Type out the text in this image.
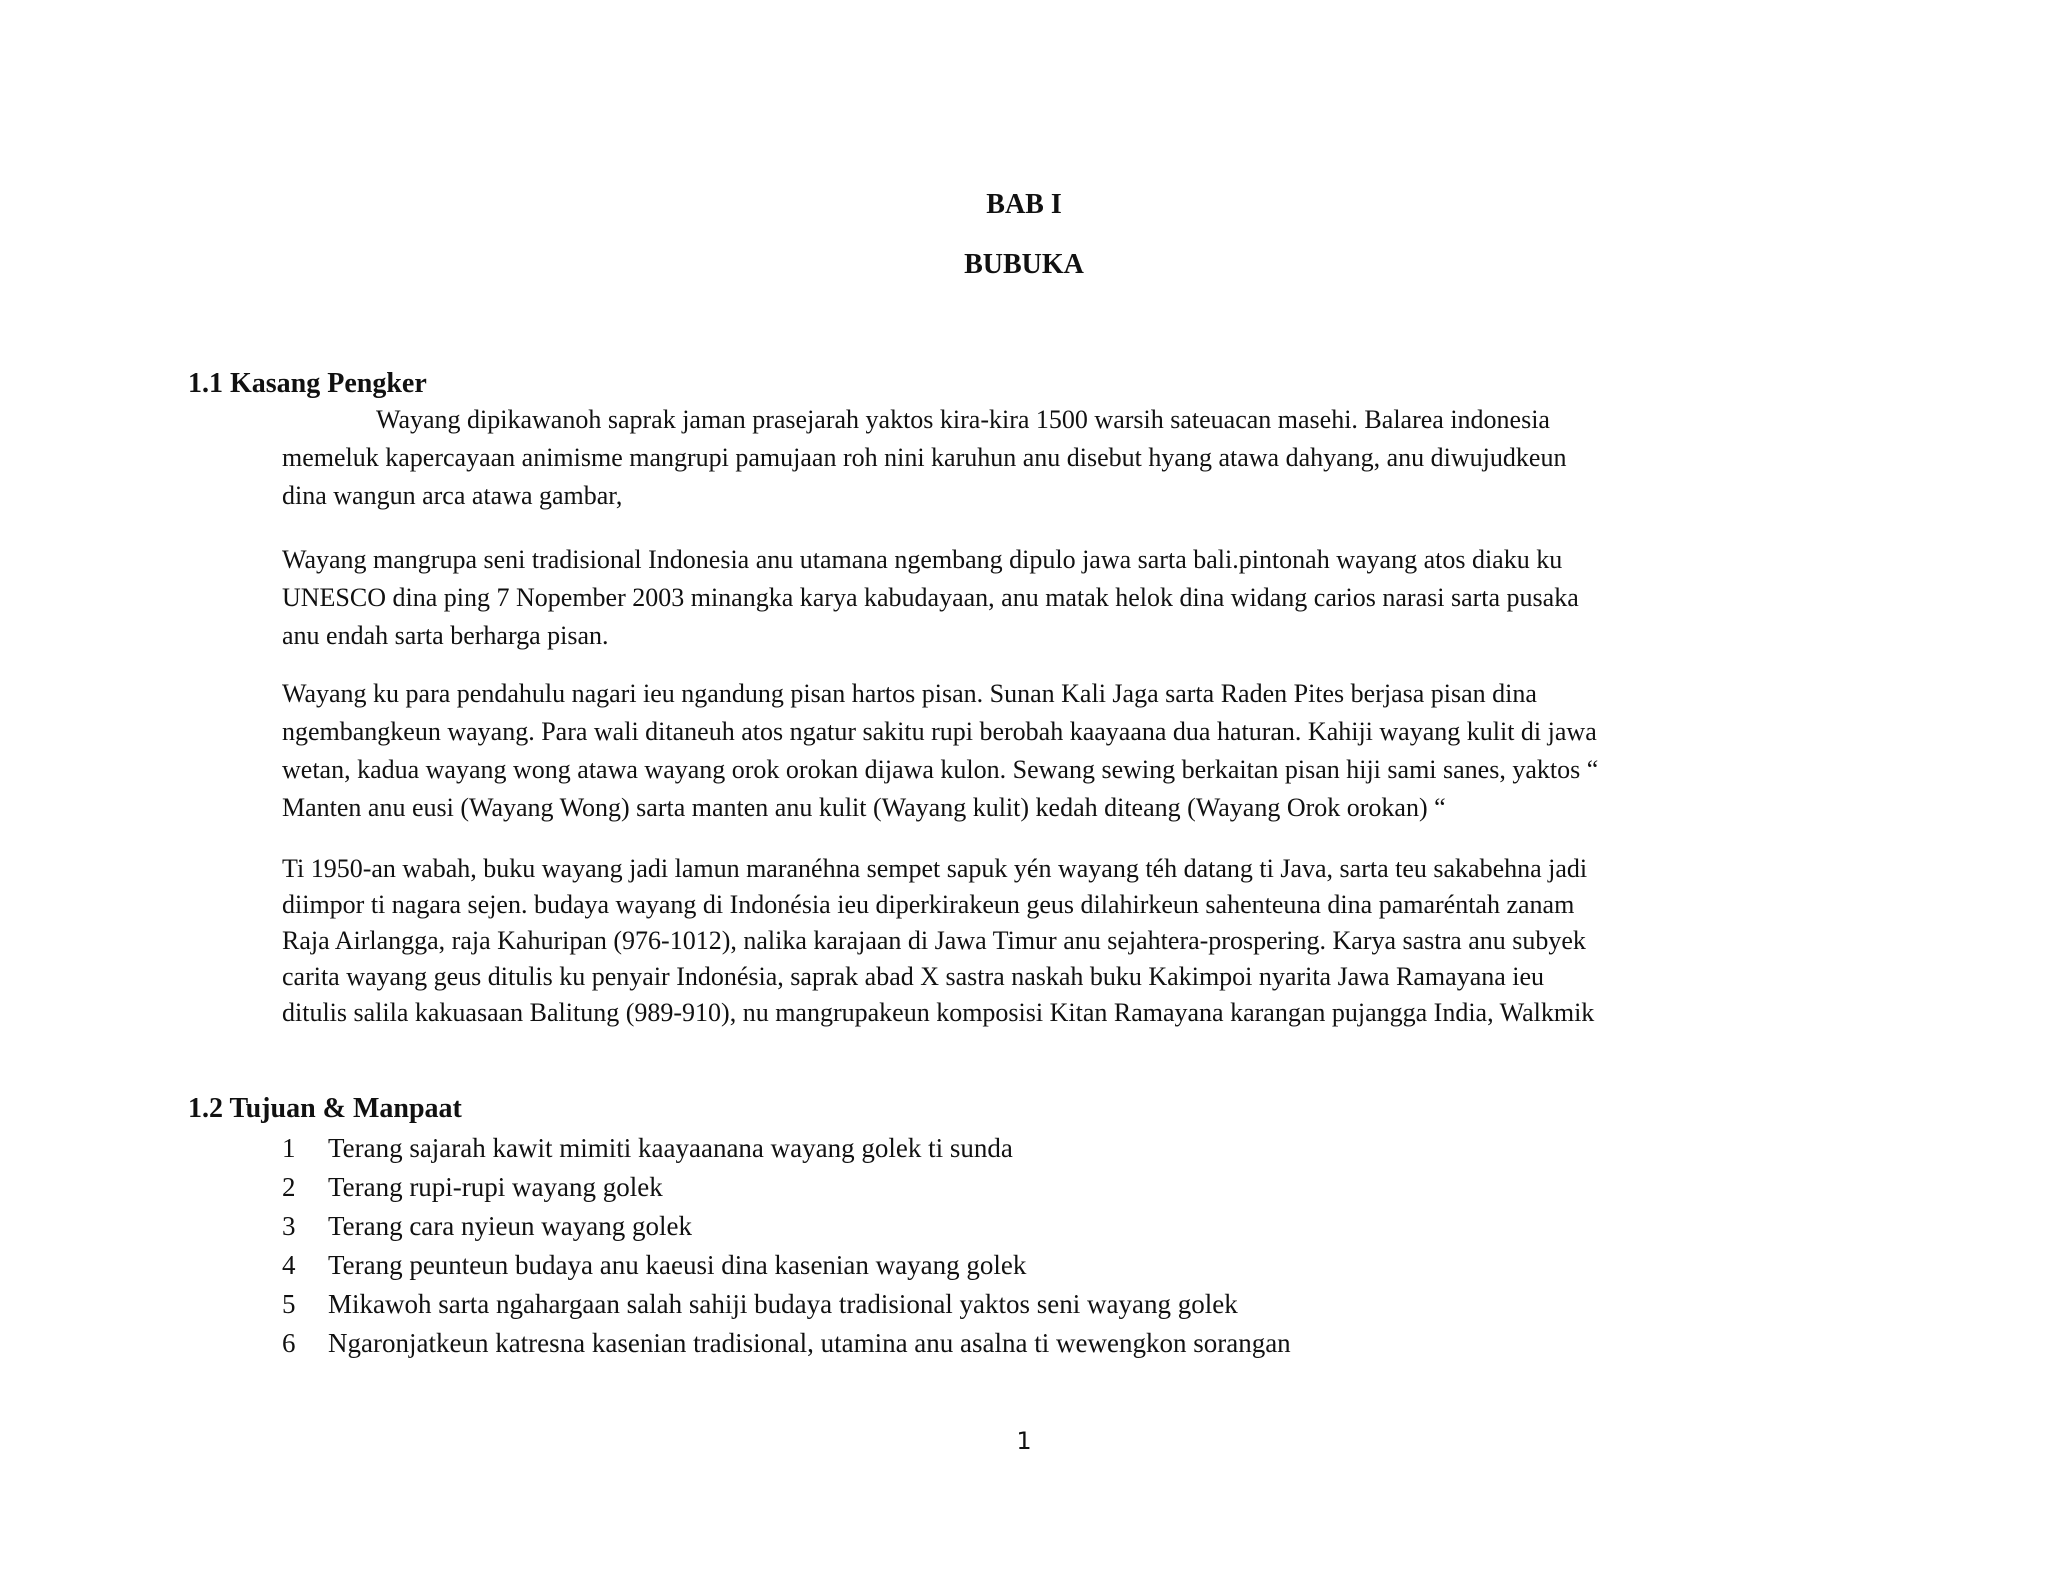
BAB I
BUBUKA
1.1 Kasang Pengker
Wayang dipikawanoh saprak jaman prasejarah yaktos kira-kira 1500 warsih sateuacan masehi. Balarea indonesia
memeluk kapercayaan animisme mangrupi pamujaan roh nini karuhun anu disebut hyang atawa dahyang, anu diwujudkeun
dina wangun arca atawa gambar,
Wayang mangrupa seni tradisional Indonesia anu utamana ngembang dipulo jawa sarta bali.pintonah wayang atos diaku ku
UNESCO dina ping 7 Nopember 2003 minangka karya kabudayaan, anu matak helok dina widang carios narasi sarta pusaka
anu endah sarta berharga pisan.
Wayang ku para pendahulu nagari ieu ngandung pisan hartos pisan. Sunan Kali Jaga sarta Raden Pites berjasa pisan dina
ngembangkeun wayang. Para wali ditaneuh atos ngatur sakitu rupi berobah kaayaana dua haturan. Kahiji wayang kulit di jawa
wetan, kadua wayang wong atawa wayang orok orokan dijawa kulon. Sewang sewing berkaitan pisan hiji sami sanes, yaktos “
Manten anu eusi (Wayang Wong) sarta manten anu kulit (Wayang kulit) kedah diteang (Wayang Orok orokan) “
Ti 1950-an wabah, buku wayang jadi lamun maranéhna sempet sapuk yén wayang téh datang ti Java, sarta teu sakabehna jadi
diimpor ti nagara sejen. budaya wayang di Indonésia ieu diperkirakeun geus dilahirkeun sahenteuna dina pamaréntah zanam
Raja Airlangga, raja Kahuripan (976-1012), nalika karajaan di Jawa Timur anu sejahtera-prospering. Karya sastra anu subyek
carita wayang geus ditulis ku penyair Indonésia, saprak abad X sastra naskah buku Kakimpoi nyarita Jawa Ramayana ieu
ditulis salila kakuasaan Balitung (989-910), nu mangrupakeun komposisi Kitan Ramayana karangan pujangga India, Walkmik
1.2 Tujuan & Manpaat
1 Terang sajarah kawit mimiti kaayaanana wayang golek ti sunda
2 Terang rupi-rupi wayang golek
3 Terang cara nyieun wayang golek
4 Terang peunteun budaya anu kaeusi dina kasenian wayang golek
5 Mikawoh sarta ngahargaan salah sahiji budaya tradisional yaktos seni wayang golek
6 Ngaronjatkeun katresna kasenian tradisional, utamina anu asalna ti wewengkon sorangan
1
